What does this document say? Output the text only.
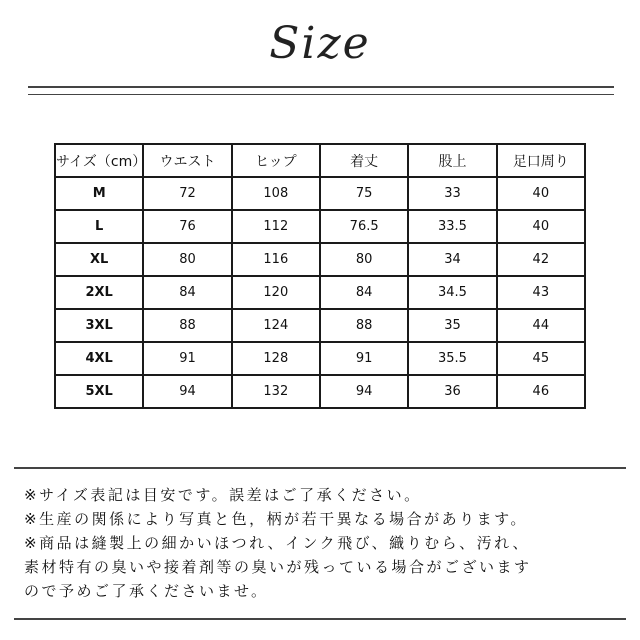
Size
サイズ（cm）	ウエスト	ヒップ	着丈	股上	足口周り
M	72	108	75	33	40
L	76	112	76.5	33.5	40
XL	80	116	80	34	42
2XL	84	120	84	34.5	43
3XL	88	124	88	35	44
4XL	91	128	91	35.5	45
5XL	94	132	94	36	46
※サイズ表記は目安です。誤差はご了承ください。
※生産の関係により写真と色，柄が若干異なる場合があります。
※商品は縫製上の細かいほつれ、インク飛び、織りむら、汚れ、
素材特有の臭いや接着剤等の臭いが残っている場合がございます
ので予めご了承くださいませ。
